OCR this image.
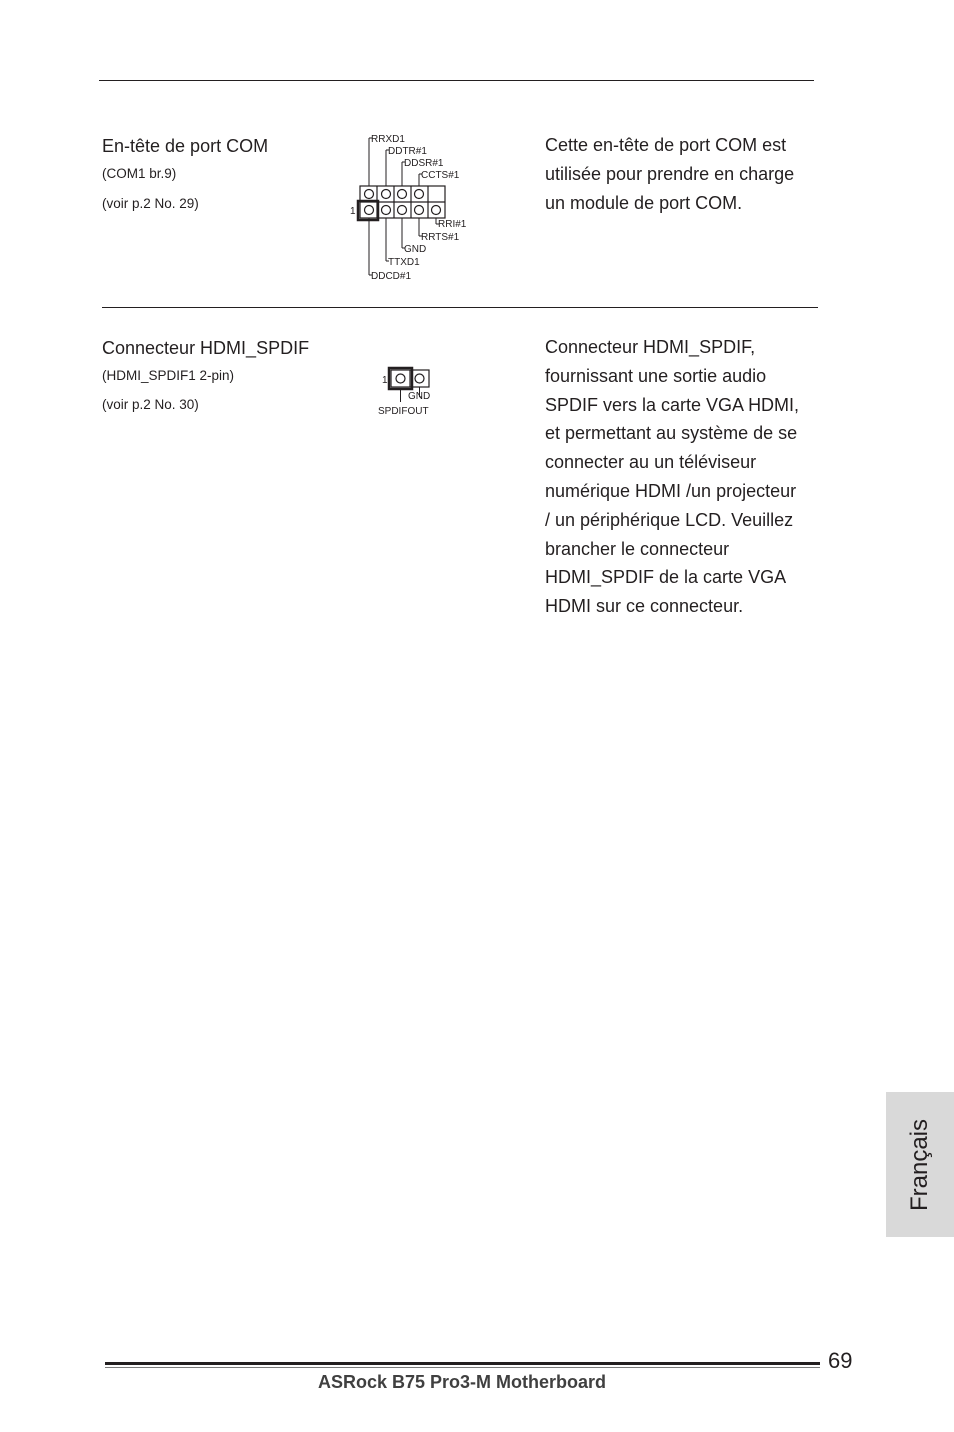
En-tête de port COM
(COM1 br.9)
(voir p.2 No. 29)
1
RRXD1
DDTR#1
DDSR#1
CCTS#1
RRI#1
RRTS#1
GND
TTXD1
DDCD#1
Cette en-tête de port COM est
utilisée pour prendre en charge
un module de port COM.
Connecteur HDMI_SPDIF
(HDMI_SPDIF1 2-pin)
(voir p.2 No. 30)
1
GND
SPDIFOUT
Connecteur HDMI_SPDIF,
fournissant une sortie audio
SPDIF vers la carte VGA HDMI,
et permettant au système de se
connecter au un téléviseur
numérique HDMI /un projecteur
/ un périphérique LCD. Veuillez
brancher le connecteur
HDMI_SPDIF de la carte VGA
HDMI sur ce connecteur.
Français
69
ASRock B75 Pro3-M Motherboard
